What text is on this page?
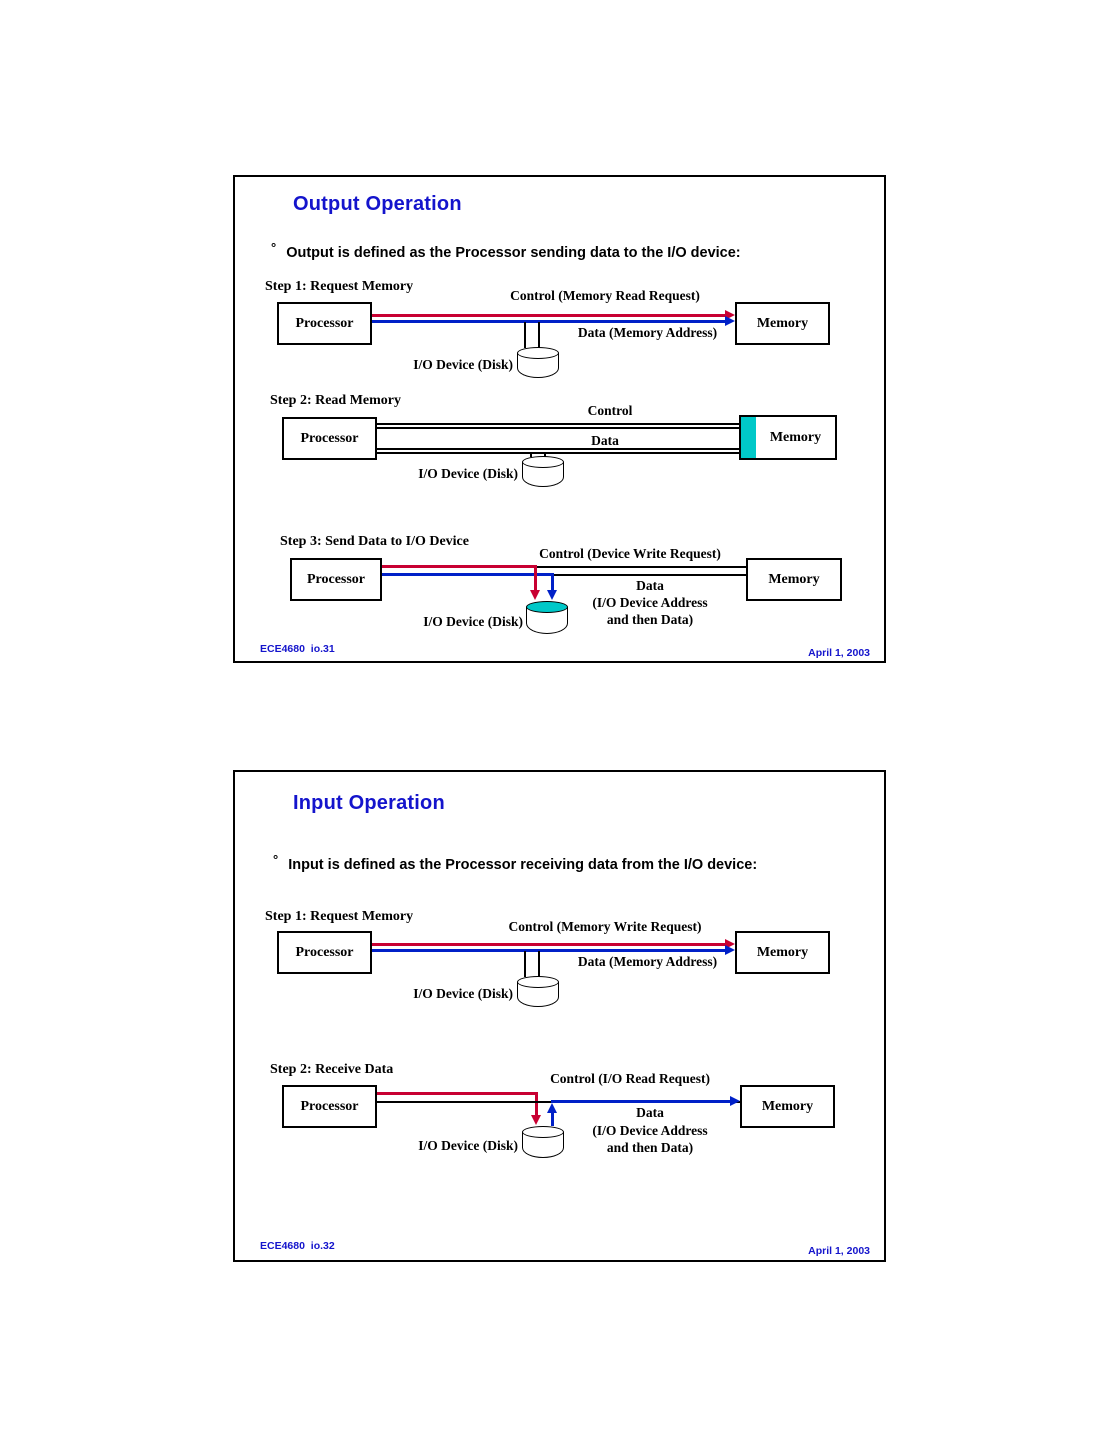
Output Operation
° Output is defined as the Processor sending data to the I/O device:
Step 1: Request Memory
Processor	Memory
Control (Memory Read Request)
Data (Memory Address)
I/O Device (Disk)
Step 2: Read Memory
Processor	Memory
Control
Data
I/O Device (Disk)
Step 3: Send Data to I/O Device
Processor	Memory
Control (Device Write Request)
Data
(I/O Device Address
and then Data)
I/O Device (Disk)
ECE4680  io.31	April 1, 2003
Input Operation
° Input is defined as the Processor receiving data from the I/O device:
Step 1: Request Memory
Processor	Memory
Control (Memory Write Request)
Data (Memory Address)
I/O Device (Disk)
Step 2: Receive Data
Processor	Memory
Control (I/O Read Request)
Data
(I/O Device Address
and then Data)
I/O Device (Disk)
ECE4680  io.32	April 1, 2003
